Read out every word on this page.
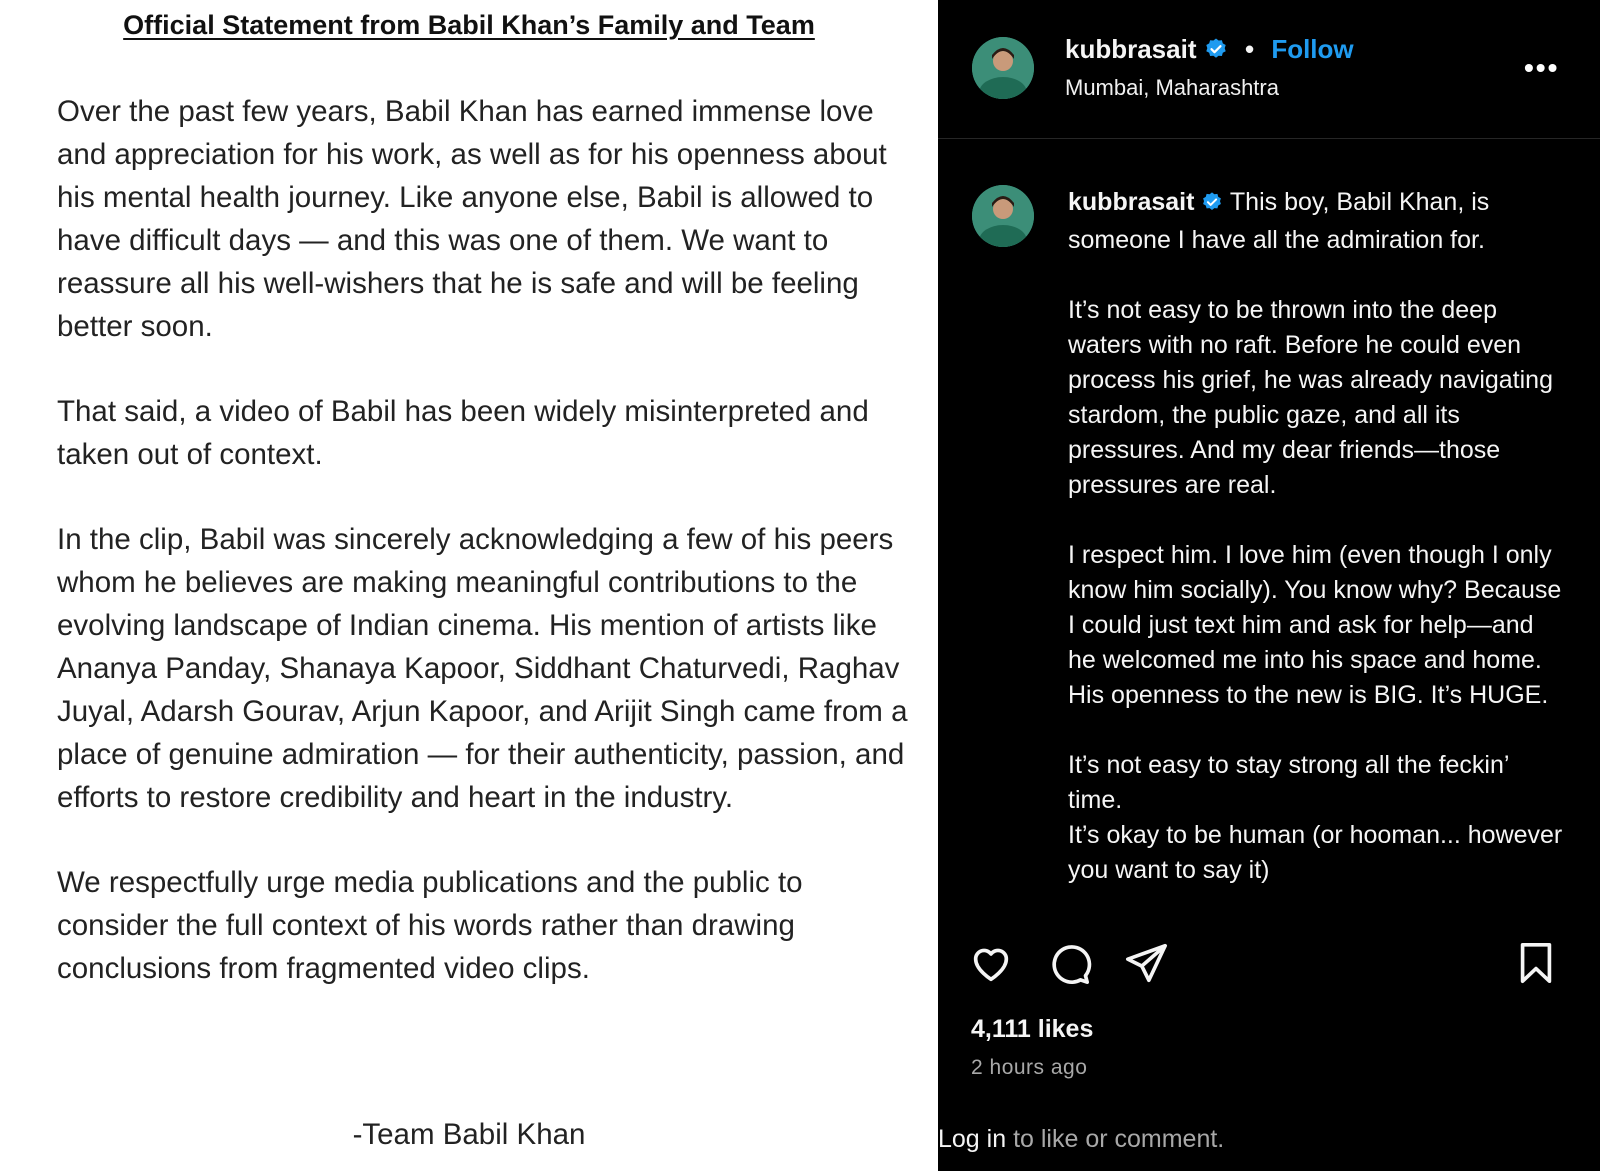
Official Statement from Babil Khan’s Family and Team

Over the past few years, Babil Khan has earned immense love and appreciation for his work, as well as for his openness about his mental health journey. Like anyone else, Babil is allowed to have difficult days — and this was one of them. We want to reassure all his well-wishers that he is safe and will be feeling better soon.

That said, a video of Babil has been widely misinterpreted and taken out of context.

In the clip, Babil was sincerely acknowledging a few of his peers whom he believes are making meaningful contributions to the evolving landscape of Indian cinema. His mention of artists like Ananya Panday, Shanaya Kapoor, Siddhant Chaturvedi, Raghav Juyal, Adarsh Gourav, Arjun Kapoor, and Arijit Singh came from a place of genuine admiration — for their authenticity, passion, and efforts to restore credibility and heart in the industry.

We respectfully urge media publications and the public to consider the full context of his words rather than drawing conclusions from fragmented video clips.

-Team Babil Khan
kubbrasait • Follow
Mumbai, Maharashtra
•••

kubbrasait This boy, Babil Khan, is someone I have all the admiration for.

It’s not easy to be thrown into the deep waters with no raft. Before he could even process his grief, he was already navigating stardom, the public gaze, and all its pressures. And my dear friends—those pressures are real.

I respect him. I love him (even though I only know him socially). You know why? Because I could just text him and ask for help—and he welcomed me into his space and home. His openness to the new is BIG. It’s HUGE.

It’s not easy to stay strong all the feckin’ time.

It’s okay to be human (or hooman... however you want to say it)

4,111 likes
2 hours ago
Log in to like or comment.
